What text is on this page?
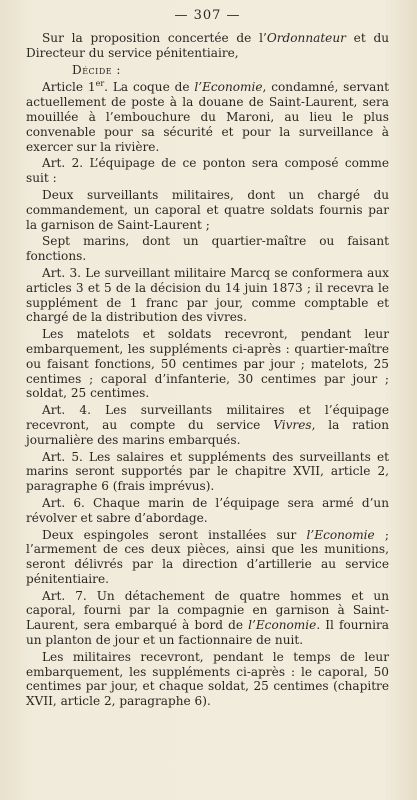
— 307 —

Sur la proposition concertée de l’Ordonnateur et du Directeur du service pénitentiaire,

Décide :

Article 1er. La coque de l’Economie, condamné, servant actuellement de poste à la douane de Saint-Laurent, sera mouillée à l’embouchure du Maroni, au lieu le plus convenable pour sa sécurité et pour la surveillance à exercer sur la rivière.

Art. 2. L’équipage de ce ponton sera composé comme suit :

Deux surveillants militaires, dont un chargé du commandement, un caporal et quatre soldats fournis par la garnison de Saint-Laurent ;

Sept marins, dont un quartier-maître ou faisant fonctions.

Art. 3. Le surveillant militaire Marcq se conformera aux articles 3 et 5 de la décision du 14 juin 1873 ; il recevra le supplément de 1 franc par jour, comme comptable et chargé de la distribution des vivres.

Les matelots et soldats recevront, pendant leur embarquement, les suppléments ci-après : quartier-maître ou faisant fonctions, 50 centimes par jour ; matelots, 25 centimes ; caporal d’infanterie, 30 centimes par jour ; soldat, 25 centimes.

Art. 4. Les surveillants militaires et l’équipage recevront, au compte du service Vivres, la ration journalière des marins embarqués.

Art. 5. Les salaires et suppléments des surveillants et marins seront supportés par le chapitre XVII, article 2, paragraphe 6 (frais imprévus).

Art. 6. Chaque marin de l’équipage sera armé d’un révolver et sabre d’abordage.

Deux espingoles seront installées sur l’Economie ; l’armement de ces deux pièces, ainsi que les munitions, seront délivrés par la direction d’artillerie au service pénitentiaire.

Art. 7. Un détachement de quatre hommes et un caporal, fourni par la compagnie en garnison à Saint-Laurent, sera embarqué à bord de l’Economie. Il fournira un planton de jour et un factionnaire de nuit.

Les militaires recevront, pendant le temps de leur embarquement, les suppléments ci-après : le caporal, 50 centimes par jour, et chaque soldat, 25 centimes (chapitre XVII, article 2, paragraphe 6).
